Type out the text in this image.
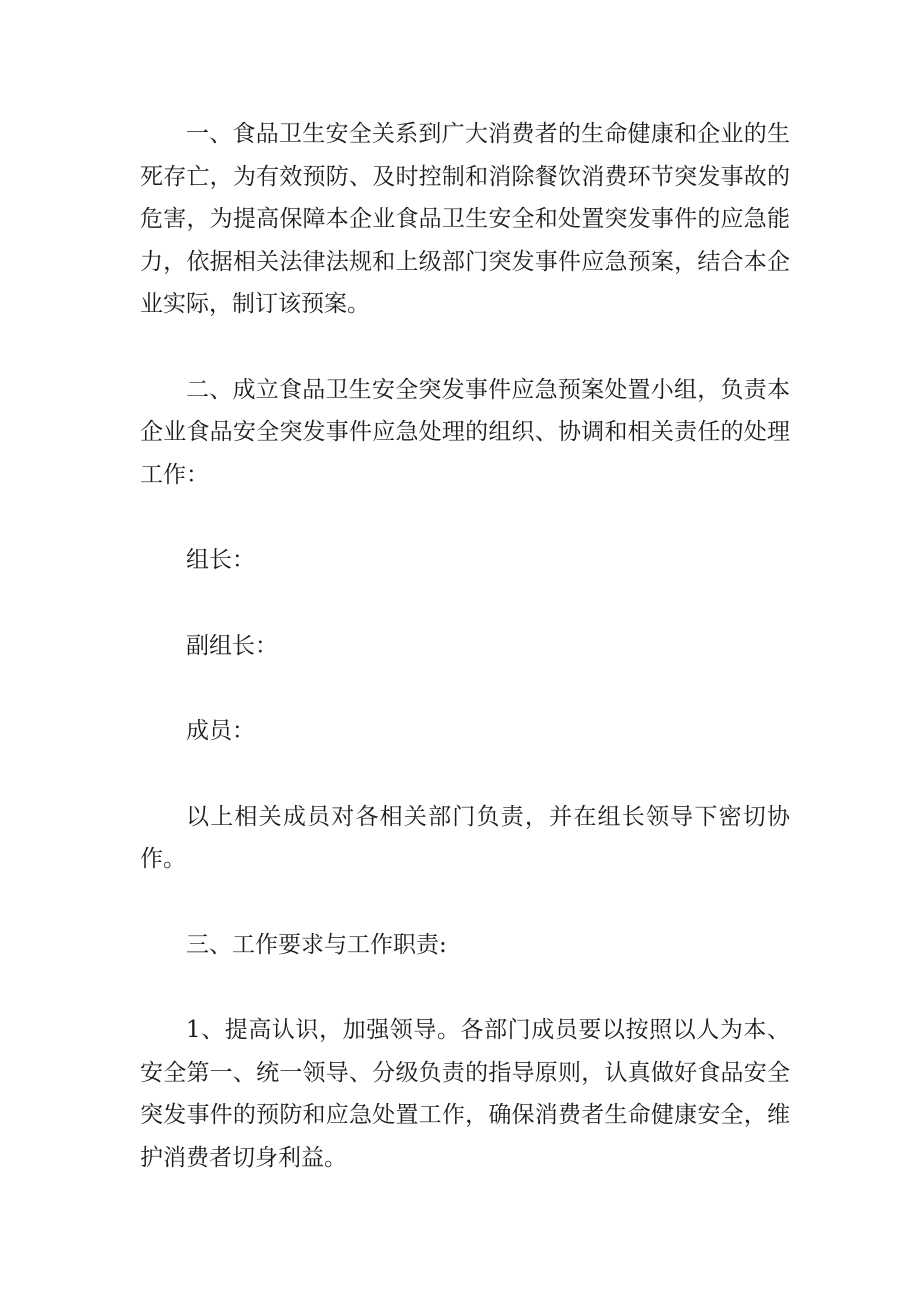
一、食品卫生安全关系到广大消费者的生命健康和企业的生死存亡，为有效预防、及时控制和消除餐饮消费环节突发事故的危害，为提高保障本企业食品卫生安全和处置突发事件的应急能力，依据相关法律法规和上级部门突发事件应急预案，结合本企业实际，制订该预案。

二、成立食品卫生安全突发事件应急预案处置小组，负责本企业食品安全突发事件应急处理的组织、协调和相关责任的处理工作：

组长：

副组长：

成员：

以上相关成员对各相关部门负责，并在组长领导下密切协作。

三、工作要求与工作职责:

1、提高认识，加强领导。各部门成员要以按照以人为本、安全第一、统一领导、分级负责的指导原则，认真做好食品安全突发事件的预防和应急处置工作，确保消费者生命健康安全，维护消费者切身利益。
